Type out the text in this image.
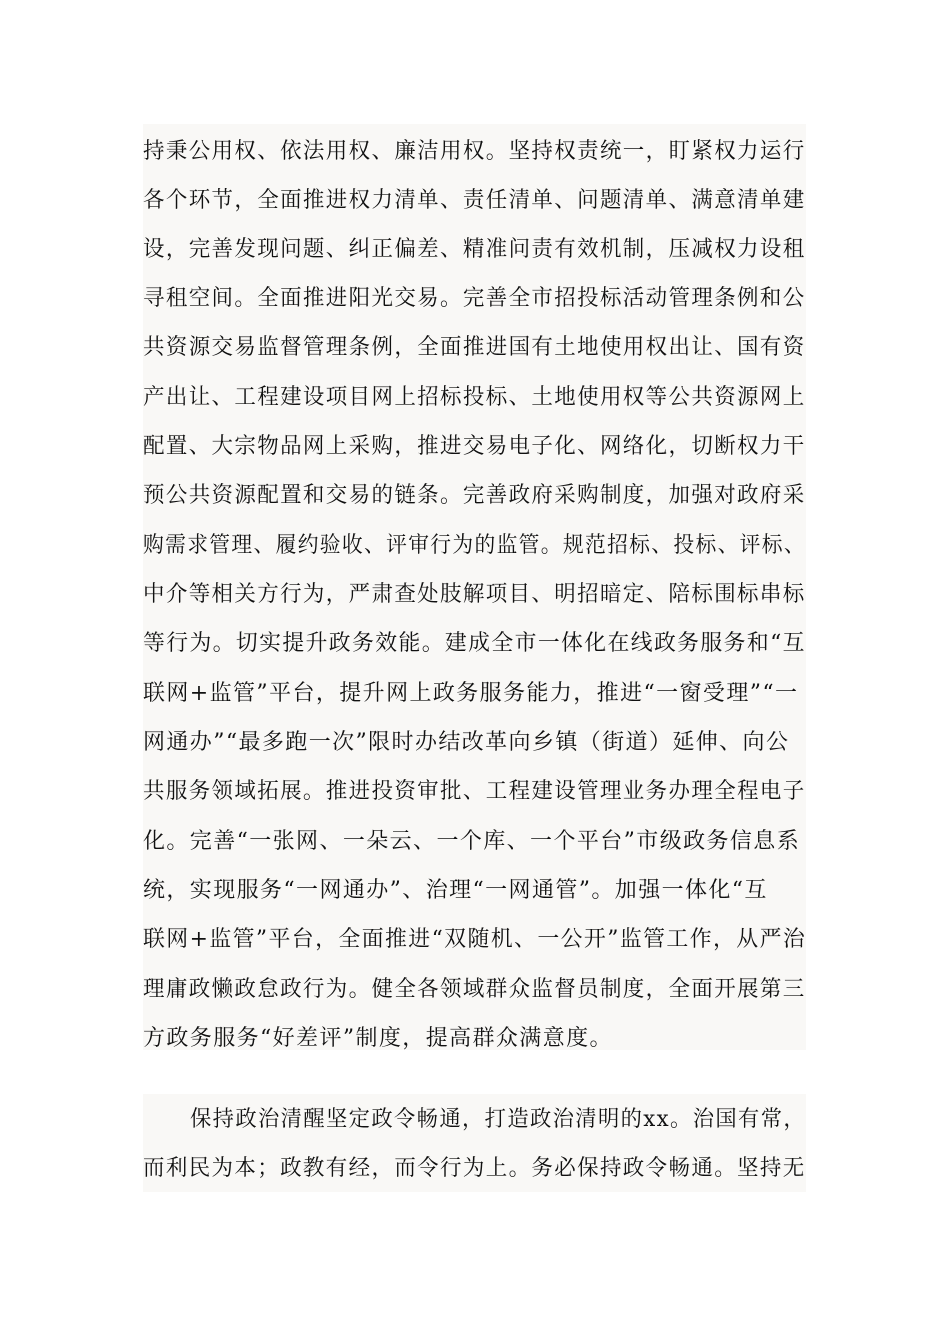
持秉公用权、依法用权、廉洁用权。坚持权责统一，盯紧权力运行
各个环节，全面推进权力清单、责任清单、问题清单、满意清单建
设，完善发现问题、纠正偏差、精准问责有效机制，压减权力设租
寻租空间。全面推进阳光交易。完善全市招投标活动管理条例和公
共资源交易监督管理条例，全面推进国有土地使用权出让、国有资
产出让、工程建设项目网上招标投标、土地使用权等公共资源网上
配置、大宗物品网上采购，推进交易电子化、网络化，切断权力干
预公共资源配置和交易的链条。完善政府采购制度，加强对政府采
购需求管理、履约验收、评审行为的监管。规范招标、投标、评标、
中介等相关方行为，严肃查处肢解项目、明招暗定、陪标围标串标
等行为。切实提升政务效能。建成全市一体化在线政务服务和“互
联网+监管”平台，提升网上政务服务能力，推进“一窗受理”“一
网通办”“最多跑一次”限时办结改革向乡镇（街道）延伸、向公
共服务领域拓展。推进投资审批、工程建设管理业务办理全程电子
化。完善“一张网、一朵云、一个库、一个平台”市级政务信息系
统，实现服务“一网通办”、治理“一网通管”。加强一体化“互
联网+监管”平台，全面推进“双随机、一公开”监管工作，从严治
理庸政懒政怠政行为。健全各领域群众监督员制度，全面开展第三
方政务服务“好差评”制度，提高群众满意度。
保持政治清醒坚定政令畅通，打造政治清明的xx。治国有常，
而利民为本；政教有经，而令行为上。务必保持政令畅通。坚持无
